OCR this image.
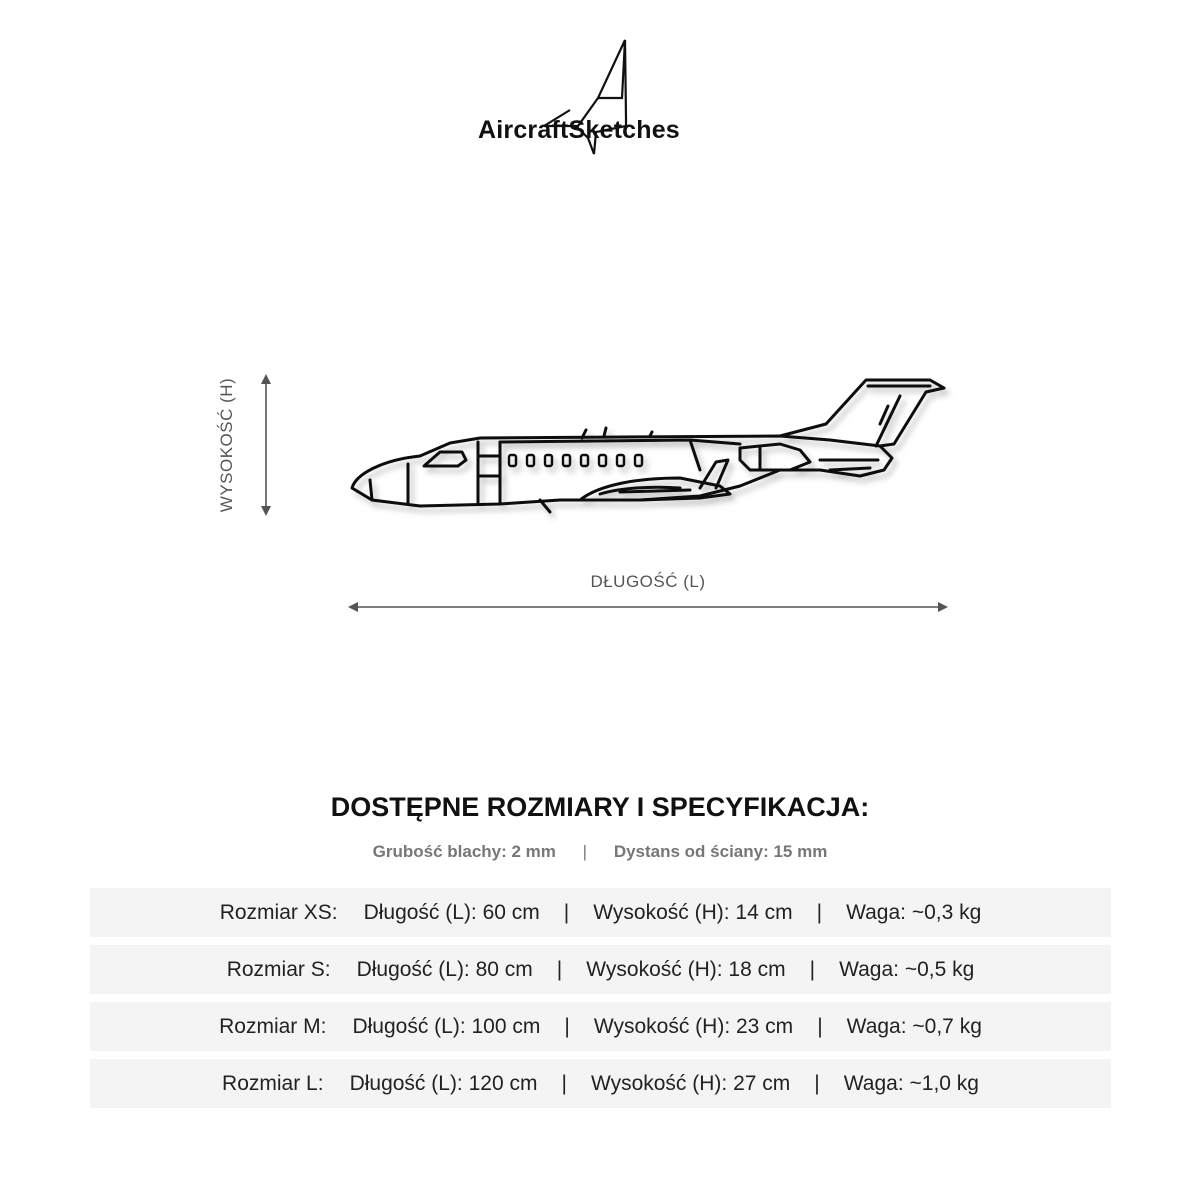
AircraftSketches
WYSOKOŚĆ (H)
DŁUGOŚĆ (L)
DOSTĘPNE ROZMIARY I SPECYFIKACJA:
Grubość blachy: 2 mm | Dystans od ściany: 15 mm
Rozmiar XS: Długość (L): 60 cm | Wysokość (H): 14 cm | Waga: ~0,3 kg
Rozmiar S: Długość (L): 80 cm | Wysokość (H): 18 cm | Waga: ~0,5 kg
Rozmiar M: Długość (L): 100 cm | Wysokość (H): 23 cm | Waga: ~0,7 kg
Rozmiar L: Długość (L): 120 cm | Wysokość (H): 27 cm | Waga: ~1,0 kg
